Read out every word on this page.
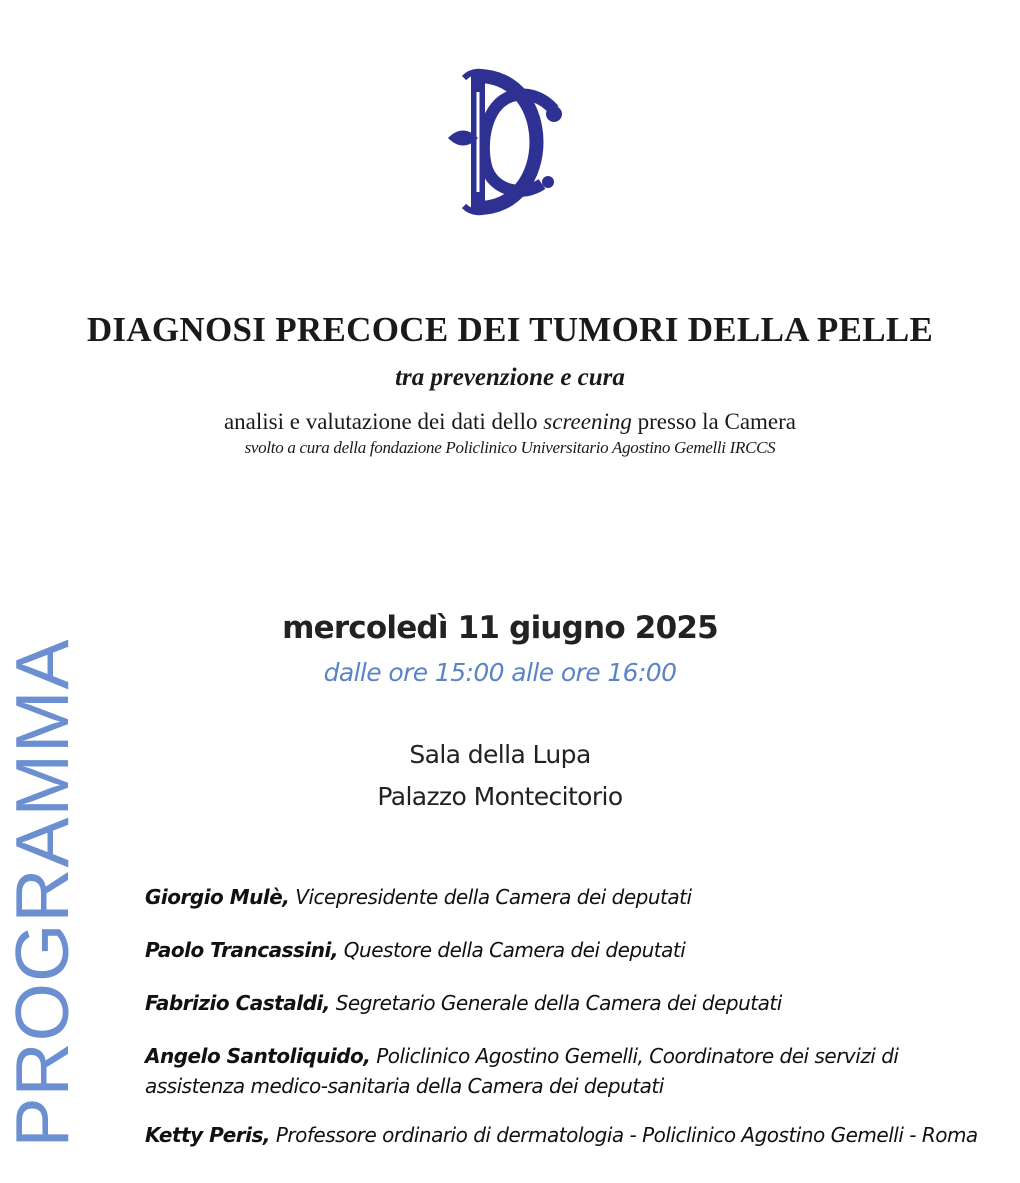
DIAGNOSI PRECOCE DEI TUMORI DELLA PELLE
tra prevenzione e cura
analisi e valutazione dei dati dello screening presso la Camera
svolto a cura della fondazione Policlinico Universitario Agostino Gemelli IRCCS
PROGRAMMA
mercoledì 11 giugno 2025
dalle ore 15:00 alle ore 16:00
Sala della Lupa
Palazzo Montecitorio
Giorgio Mulè, Vicepresidente della Camera dei deputati
Paolo Trancassini, Questore della Camera dei deputati
Fabrizio Castaldi, Segretario Generale della Camera dei deputati
Angelo Santoliquido, Policlinico Agostino Gemelli, Coordinatore dei servizi di
assistenza medico-sanitaria della Camera dei deputati
Ketty Peris, Professore ordinario di dermatologia - Policlinico Agostino Gemelli - Roma
